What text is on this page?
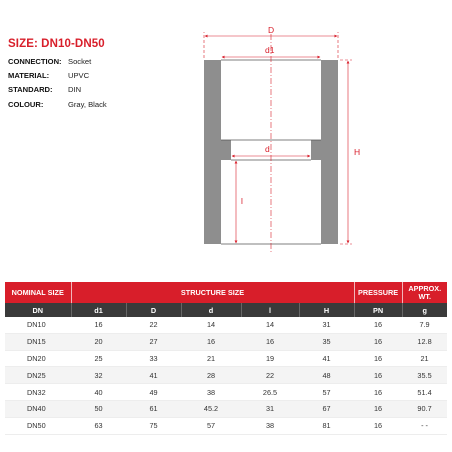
SIZE: DN10-DN50
CONNECTION: Socket
MATERIAL:	UPVC
STANDARD:	DIN
COLOUR:	Gray, Black
D
d1
d
l
H
NOMINAL SIZE	STRUCTURE SIZE					PRESSURE	APPROX. WT.
DN	d1	D	d	l	H	PN	g
DN10	16	22	14	14	31	16	7.9
DN15	20	27	16	16	35	16	12.8
DN20	25	33	21	19	41	16	21
DN25	32	41	28	22	48	16	35.5
DN32	40	49	38	26.5	57	16	51.4
DN40	50	61	45.2	31	67	16	90.7
DN50	63	75	57	38	81	16	- -
